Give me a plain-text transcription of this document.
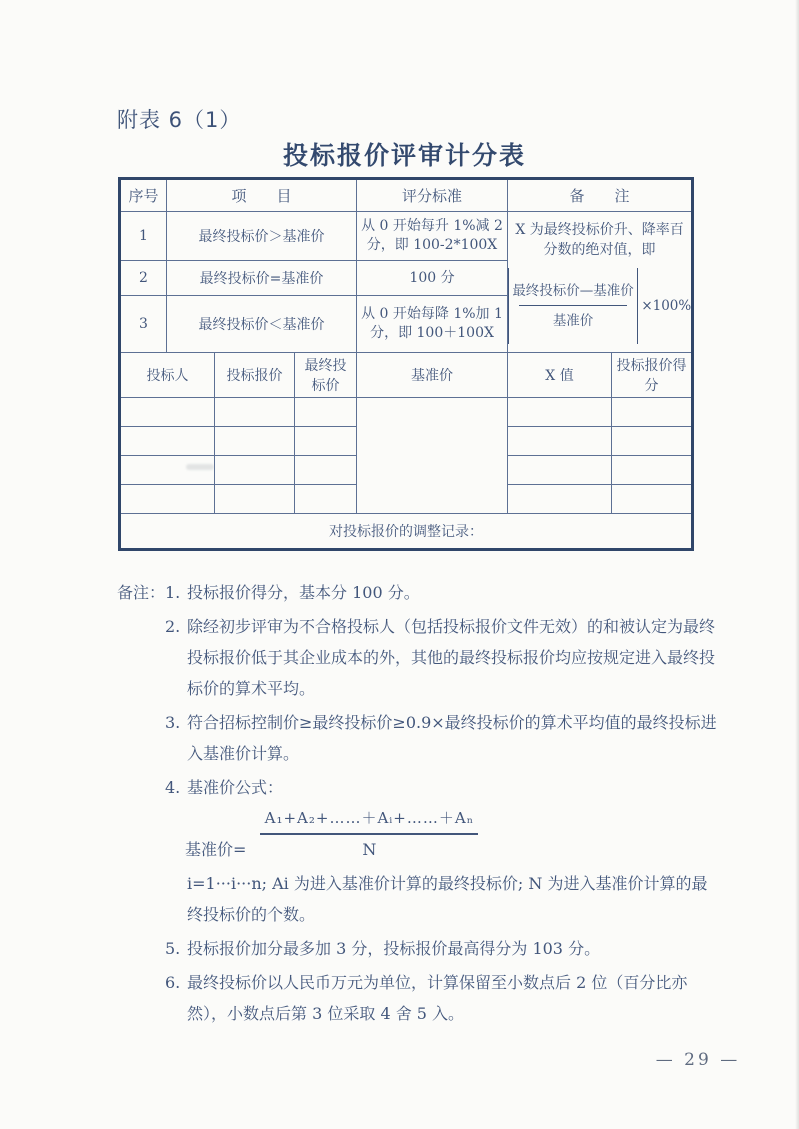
附表 6（1）
投标报价评审计分表
序号	项　　目			评分标准	备　　注	
1	最终投标价＞基准价			从 0 开始每升 1%减 2 分，即 100-2*100X	X 为最终投标价升、降率百分数的绝对值，即
$\frac{\text{最终投标价—基准价}}{\text{基准价}} \times 100\%$	

2	最终投标价=基准价			100 分		
3	最终投标价＜基准价			从 0 开始每降 1%加 1 分，即 100＋100X		
投标人		投标报价	最终投标价	基准价	X 值	投标报价得分

对投标报价的调整记录：						
备注： 1. 投标报价得分，基本分 100 分。
2. 除经初步评审为不合格投标人（包括投标报价文件无效）的和被认定为最终投标报价低于其企业成本的外，其他的最终投标报价均应按规定进入最终投标价的算术平均。
3. 符合招标控制价≥最终投标价≥0.9×最终投标价的算术平均值的最终投标进入基准价计算。
4. 基准价公式：
基准价= $\frac{\text{A₁+A₂+……＋Aᵢ+……＋Aₙ}}{N}$
i=1···i···n; Ai 为进入基准价计算的最终投标价; N 为进入基准价计算的最终投标价的个数。
5. 投标报价加分最多加 3 分，投标报价最高得分为 103 分。
6. 最终投标价以人民币万元为单位，计算保留至小数点后 2 位（百分比亦然），小数点后第 3 位采取 4 舍 5 入。
— 29 —
